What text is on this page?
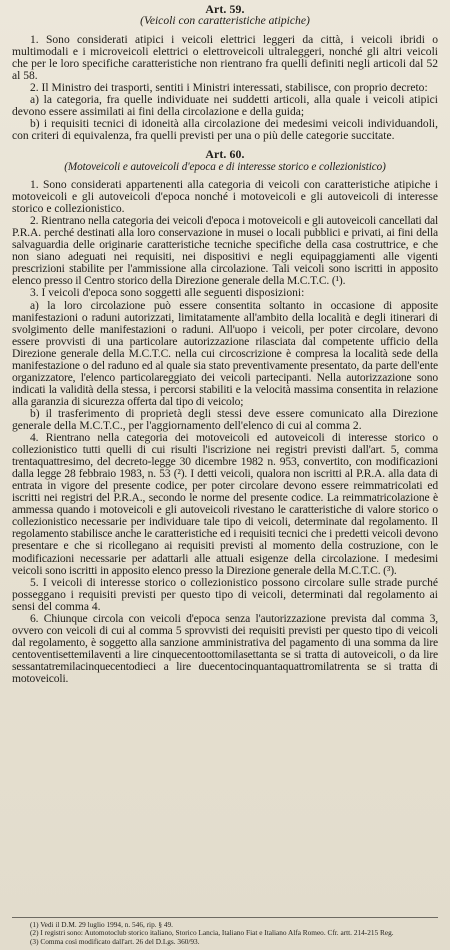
Art. 59.
(Veicoli con caratteristiche atipiche)

1. Sono considerati atipici i veicoli elettrici leggeri da città, i veicoli ibridi o multimodali e i microveicoli elettrici o elettroveicoli ultraleggeri, nonché gli altri veicoli che per le loro specifiche caratteristiche non rientrano fra quelli definiti negli articoli dal 52 al 58.

2. Il Ministro dei trasporti, sentiti i Ministri interessati, stabilisce, con proprio decreto:

a) la categoria, fra quelle individuate nei suddetti articoli, alla quale i veicoli atipici devono essere assimilati ai fini della circolazione e della guida;

b) i requisiti tecnici di idoneità alla circolazione dei medesimi veicoli individuandoli, con criteri di equivalenza, fra quelli previsti per una o più delle categorie succitate.

Art. 60.
(Motoveicoli e autoveicoli d'epoca e di interesse storico e collezionistico)

1. Sono considerati appartenenti alla categoria di veicoli con caratteristiche atipiche i motoveicoli e gli autoveicoli d'epoca nonché i motoveicoli e gli autoveicoli di interesse storico e collezionistico.

2. Rientrano nella categoria dei veicoli d'epoca i motoveicoli e gli autoveicoli cancellati dal P.R.A. perché destinati alla loro conservazione in musei o locali pubblici e privati, ai fini della salvaguardia delle originarie caratteristiche tecniche specifiche della casa costruttrice, e che non siano adeguati nei requisiti, nei dispositivi e negli equipaggiamenti alle vigenti prescrizioni stabilite per l'ammissione alla circolazione. Tali veicoli sono iscritti in apposito elenco presso il Centro storico della Direzione generale della M.C.T.C. (¹).

3. I veicoli d'epoca sono soggetti alle seguenti disposizioni:

a) la loro circolazione può essere consentita soltanto in occasione di apposite manifestazioni o raduni autorizzati, limitatamente all'ambito della località e degli itinerari di svolgimento delle manifestazioni o raduni. All'uopo i veicoli, per poter circolare, devono essere provvisti di una particolare autorizzazione rilasciata dal competente ufficio della Direzione generale della M.C.T.C. nella cui circoscrizione è compresa la località sede della manifestazione o del raduno ed al quale sia stato preventivamente presentato, da parte dell'ente organizzatore, l'elenco particolareggiato dei veicoli partecipanti. Nella autorizzazione sono indicati la validità della stessa, i percorsi stabiliti e la velocità massima consentita in relazione alla garanzia di sicurezza offerta dal tipo di veicolo;

b) il trasferimento di proprietà degli stessi deve essere comunicato alla Direzione generale della M.C.T.C., per l'aggiornamento dell'elenco di cui al comma 2.

4. Rientrano nella categoria dei motoveicoli ed autoveicoli di interesse storico o collezionistico tutti quelli di cui risulti l'iscrizione nei registri previsti dall'art. 5, comma trentaquattresimo, del decreto-legge 30 dicembre 1982 n. 953, convertito, con modificazioni dalla legge 28 febbraio 1983, n. 53 (²). I detti veicoli, qualora non iscritti al P.R.A. alla data di entrata in vigore del presente codice, per poter circolare devono essere reimmatricolati ed iscritti nei registri del P.R.A., secondo le norme del presente codice. La reimmatricolazione è ammessa quando i motoveicoli e gli autoveicoli rivestano le caratteristiche di valore storico o collezionistico necessarie per individuare tale tipo di veicoli, determinate dal regolamento. Il regolamento stabilisce anche le caratteristiche ed i requisiti tecnici che i predetti veicoli devono presentare e che si ricollegano ai requisiti previsti al momento della costruzione, con le modificazioni necessarie per adattarli alle attuali esigenze della circolazione. I medesimi veicoli sono iscritti in apposito elenco presso la Direzione generale della M.C.T.C. (³).

5. I veicoli di interesse storico o collezionistico possono circolare sulle strade purché posseggano i requisiti previsti per questo tipo di veicoli, determinati dal regolamento ai sensi del comma 4.

6. Chiunque circola con veicoli d'epoca senza l'autorizzazione prevista dal comma 3, ovvero con veicoli di cui al comma 5 sprovvisti dei requisiti previsti per questo tipo di veicoli dal regolamento, è soggetto alla sanzione amministrativa del pagamento di una somma da lire centoventisettemilaventi a lire cinquecentoottomilasettanta se si tratta di autoveicoli, o da lire sessantatremilacinquecentodieci a lire duecentocinquantaquattromilatrenta se si tratta di motoveicoli.

(1) Vedi il D.M. 29 luglio 1994, n. 546, rip. § 49.
(2) I registri sono: Automotoclub storico italiano, Storico Lancia, Italiano Fiat e Italiano Alfa Romeo. Cfr. artt. 214-215 Reg.
(3) Comma così modificato dall'art. 26 del D.Lgs. 360/93.
